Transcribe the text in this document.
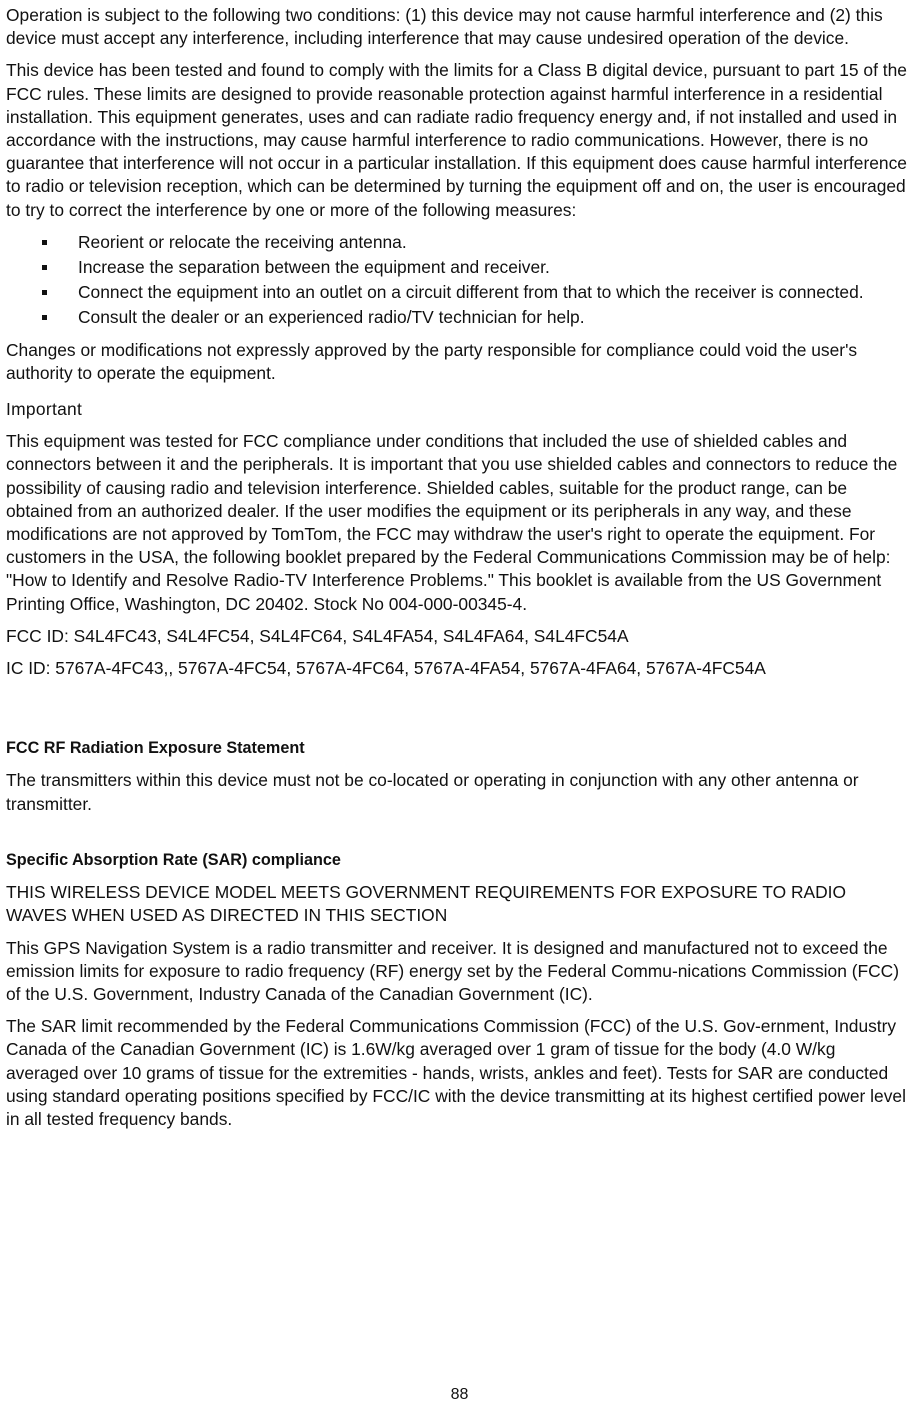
Operation is subject to the following two conditions: (1) this device may not cause harmful interference and (2) this device must accept any interference, including interference that may cause undesired operation of the device.

This device has been tested and found to comply with the limits for a Class B digital device, pursuant to part 15 of the FCC rules. These limits are designed to provide reasonable protection against harmful interference in a residential installation. This equipment generates, uses and can radiate radio frequency energy and, if not installed and used in accordance with the instructions, may cause harmful interference to radio communications. However, there is no guarantee that interference will not occur in a particular installation. If this equipment does cause harmful interference to radio or television reception, which can be determined by turning the equipment off and on, the user is encouraged to try to correct the interference by one or more of the following measures:

Reorient or relocate the receiving antenna.
Increase the separation between the equipment and receiver.
Connect the equipment into an outlet on a circuit different from that to which the receiver is connected.
Consult the dealer or an experienced radio/TV technician for help.

Changes or modifications not expressly approved by the party responsible for compliance could void the user's authority to operate the equipment.

Important

This equipment was tested for FCC compliance under conditions that included the use of shielded cables and connectors between it and the peripherals. It is important that you use shielded cables and connectors to reduce the possibility of causing radio and television interference. Shielded cables, suitable for the product range, can be obtained from an authorized dealer. If the user modifies the equipment or its peripherals in any way, and these modifications are not approved by TomTom, the FCC may withdraw the user's right to operate the equipment. For customers in the USA, the following booklet prepared by the Federal Communications Commission may be of help: "How to Identify and Resolve Radio-TV Interference Problems." This booklet is available from the US Government Printing Office, Washington, DC 20402. Stock No 004-000-00345-4.

FCC ID: S4L4FC43, S4L4FC54, S4L4FC64, S4L4FA54, S4L4FA64, S4L4FC54A

IC ID: 5767A-4FC43,, 5767A-4FC54, 5767A-4FC64, 5767A-4FA54, 5767A-4FA64, 5767A-4FC54A

FCC RF Radiation Exposure Statement

The transmitters within this device must not be co-located or operating in conjunction with any other antenna or transmitter.

Specific Absorption Rate (SAR) compliance

THIS WIRELESS DEVICE MODEL MEETS GOVERNMENT REQUIREMENTS FOR EXPOSURE TO RADIO WAVES WHEN USED AS DIRECTED IN THIS SECTION

This GPS Navigation System is a radio transmitter and receiver. It is designed and manufactured not to exceed the emission limits for exposure to radio frequency (RF) energy set by the Federal Commu-nications Commission (FCC) of the U.S. Government, Industry Canada of the Canadian Government (IC).

The SAR limit recommended by the Federal Communications Commission (FCC) of the U.S. Gov-ernment, Industry Canada of the Canadian Government (IC) is 1.6W/kg averaged over 1 gram of tissue for the body (4.0 W/kg averaged over 10 grams of tissue for the extremities - hands, wrists, ankles and feet). Tests for SAR are conducted using standard operating positions specified by FCC/IC with the device transmitting at its highest certified power level in all tested frequency bands.

88
